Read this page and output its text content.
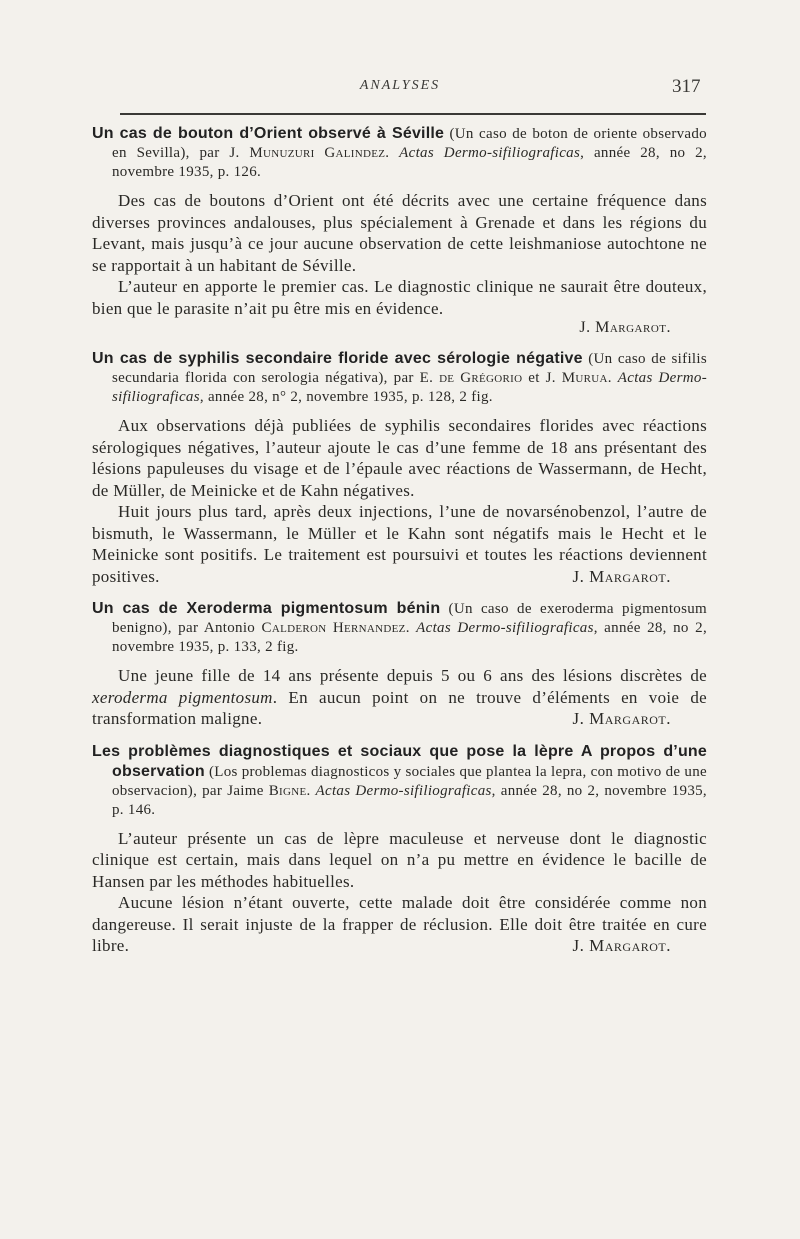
ANALYSES	317

Un cas de bouton d’Orient observé à Séville (Un caso de boton de oriente observado en Sevilla), par J. Munuzuri Galindez. Actas Dermo-sifiliograficas, année 28, no 2, novembre 1935, p. 126.

Des cas de boutons d’Orient ont été décrits avec une certaine fréquence dans diverses provinces andalouses, plus spécialement à Grenade et dans les régions du Levant, mais jusqu’à ce jour aucune observation de cette leishmaniose autochtone ne se rapportait à un habitant de Séville.

L’auteur en apporte le premier cas. Le diagnostic clinique ne saurait être douteux, bien que le parasite n’ait pu être mis en évidence.

J. Margarot.

Un cas de syphilis secondaire floride avec sérologie négative (Un caso de sifilis secundaria florida con serologia négativa), par E. de Grégorio et J. Murua. Actas Dermo-sifiliograficas, année 28, n° 2, novembre 1935, p. 128, 2 fig.

Aux observations déjà publiées de syphilis secondaires florides avec réactions sérologiques négatives, l’auteur ajoute le cas d’une femme de 18 ans présentant des lésions papuleuses du visage et de l’épaule avec réactions de Wassermann, de Hecht, de Müller, de Meinicke et de Kahn négatives.

Huit jours plus tard, après deux injections, l’une de novarsénobenzol, l’autre de bismuth, le Wassermann, le Müller et le Kahn sont négatifs mais le Hecht et le Meinicke sont positifs. Le traitement est poursuivi et toutes les réactions deviennent positives.	J. Margarot.

Un cas de Xeroderma pigmentosum bénin (Un caso de exeroderma pigmentosum benigno), par Antonio Calderon Hernandez. Actas Dermo-sifiliograficas, année 28, no 2, novembre 1935, p. 133, 2 fig.

Une jeune fille de 14 ans présente depuis 5 ou 6 ans des lésions discrètes de xeroderma pigmentosum. En aucun point on ne trouve d’éléments en voie de transformation maligne.	J. Margarot.

Les problèmes diagnostiques et sociaux que pose la lèpre A propos d’une observation (Los problemas diagnosticos y sociales que plantea la lepra, con motivo de une observacion), par Jaime Bigne. Actas Dermo-sifiliograficas, année 28, no 2, novembre 1935, p. 146.

L’auteur présente un cas de lèpre maculeuse et nerveuse dont le diagnostic clinique est certain, mais dans lequel on n’a pu mettre en évidence le bacille de Hansen par les méthodes habituelles.

Aucune lésion n’étant ouverte, cette malade doit être considérée comme non dangereuse. Il serait injuste de la frapper de réclusion. Elle doit être traitée en cure libre.	J. Margarot.
